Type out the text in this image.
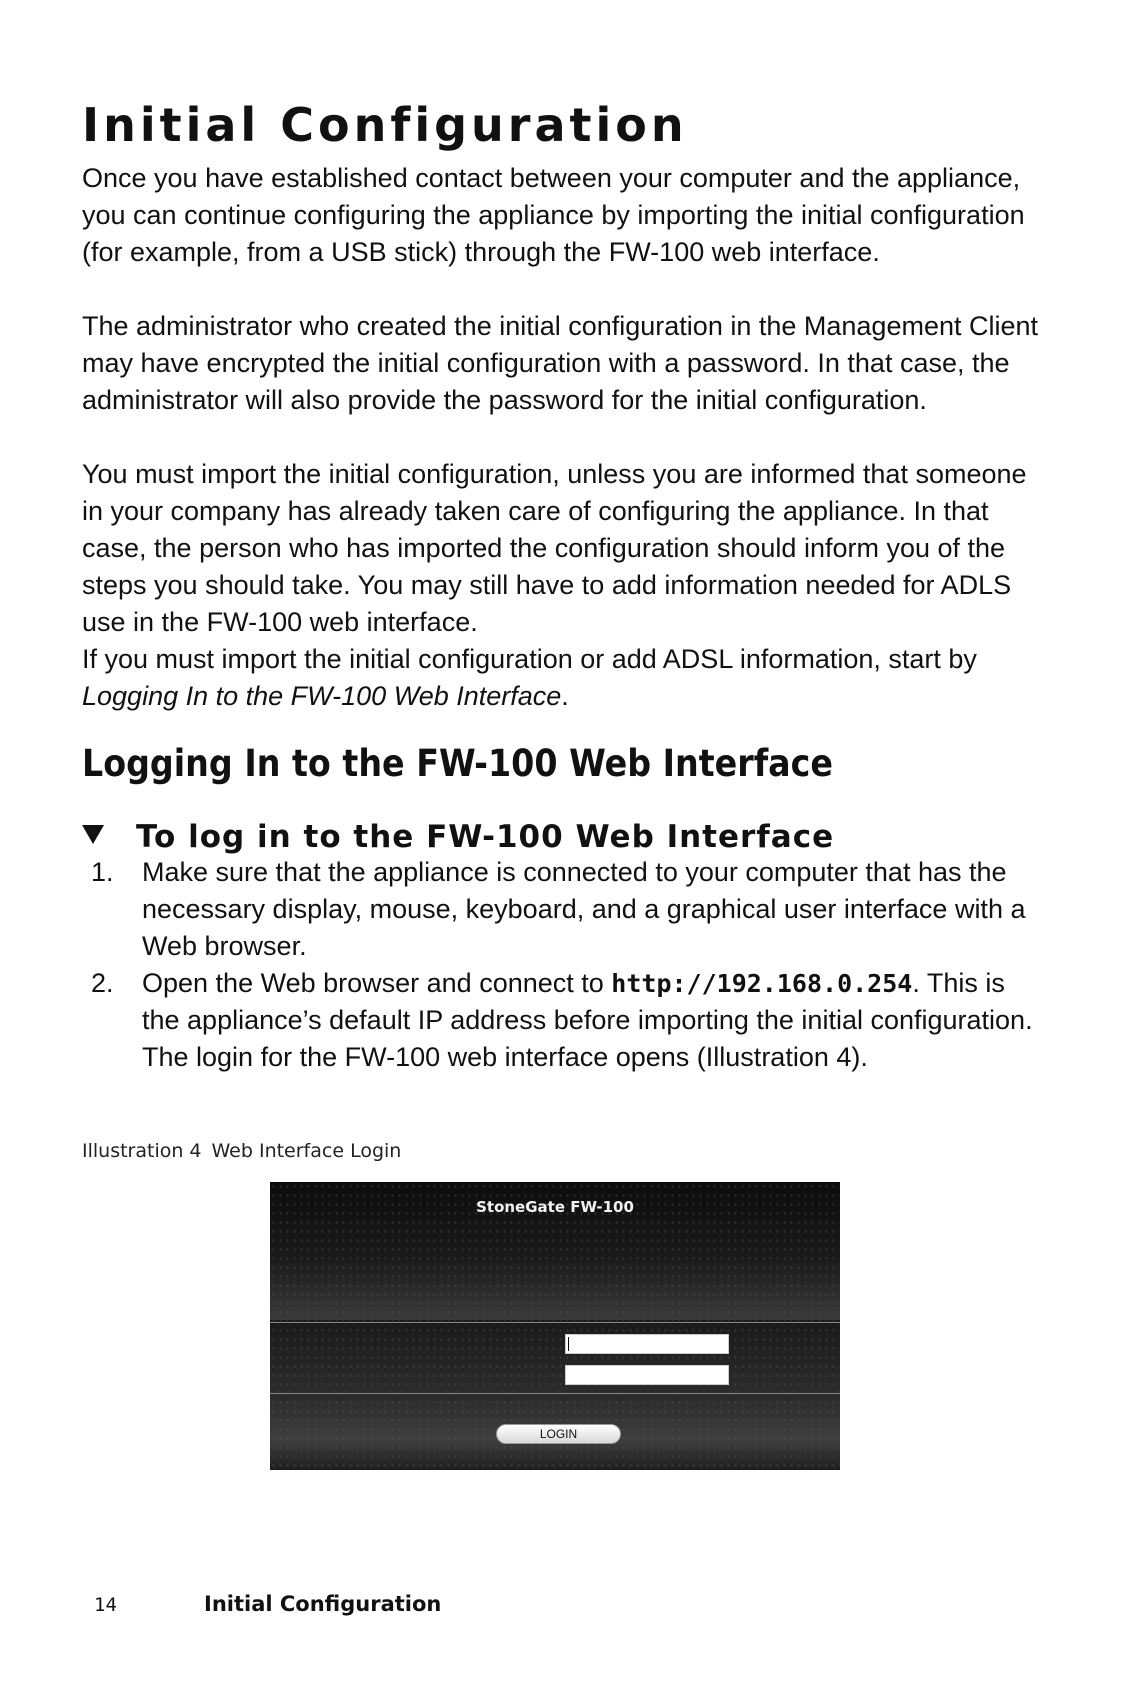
Initial Configuration

Once you have established contact between your computer and the appliance, you can continue configuring the appliance by importing the initial configuration (for example, from a USB stick) through the FW-100 web interface.

The administrator who created the initial configuration in the Management Client may have encrypted the initial configuration with a password. In that case, the administrator will also provide the password for the initial configuration.

You must import the initial configuration, unless you are informed that someone in your company has already taken care of configuring the appliance. In that case, the person who has imported the configuration should inform you of the steps you should take. You may still have to add information needed for ADLS use in the FW-100 web interface.

If you must import the initial configuration or add ADSL information, start by Logging In to the FW-100 Web Interface.

Logging In to the FW-100 Web Interface
To log in to the FW-100 Web Interface
1. Make sure that the appliance is connected to your computer that has the necessary display, mouse, keyboard, and a graphical user interface with a Web browser.
2. Open the Web browser and connect to http://192.168.0.254. This is the appliance’s default IP address before importing the initial configuration. The login for the FW-100 web interface opens (Illustration 4).
Illustration 4 Web Interface Login
StoneGate FW-100
LOGIN
14	Initial Configuration
